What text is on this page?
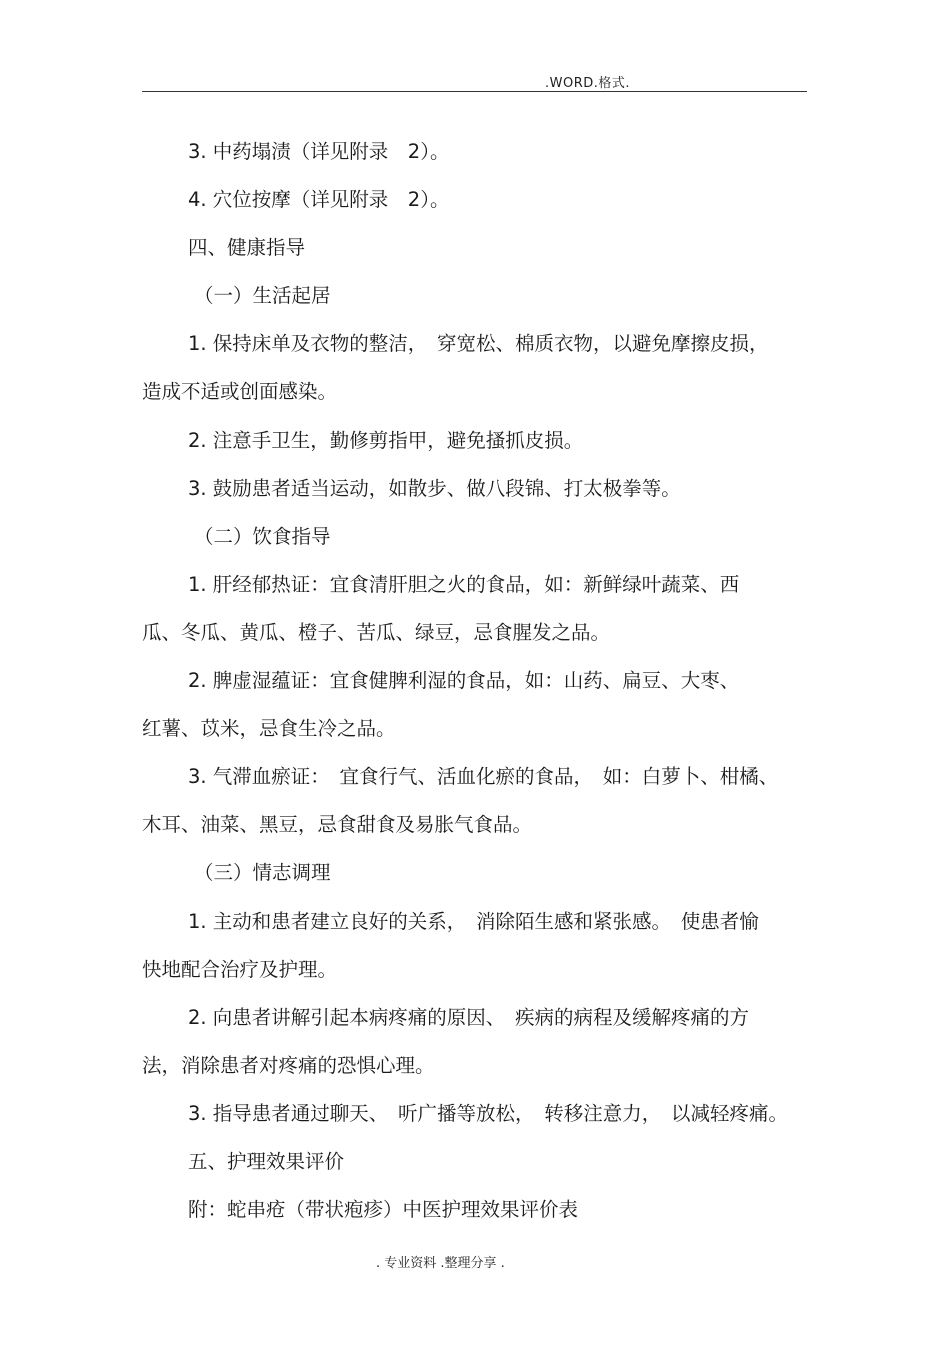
.WORD.格式.
3. 中药塌渍（详见附录　2）。
4. 穴位按摩（详见附录　2）。
四、健康指导
（一）生活起居
1. 保持床单及衣物的整洁，　穿宽松、棉质衣物，以避免摩擦皮损，
造成不适或创面感染。
2. 注意手卫生，勤修剪指甲，避免搔抓皮损。
3. 鼓励患者适当运动，如散步、做八段锦、打太极拳等。
（二）饮食指导
1. 肝经郁热证：宜食清肝胆之火的食品，如：新鲜绿叶蔬菜、西
瓜、冬瓜、黄瓜、橙子、苦瓜、绿豆，忌食腥发之品。
2. 脾虚湿蕴证：宜食健脾利湿的食品，如：山药、扁豆、大枣、
红薯、苡米，忌食生冷之品。
3. 气滞血瘀证：　宜食行气、活血化瘀的食品，　如：白萝卜、柑橘、
木耳、油菜、黑豆，忌食甜食及易胀气食品。
（三）情志调理
1. 主动和患者建立良好的关系，　消除陌生感和紧张感。　使患者愉
快地配合治疗及护理。
2. 向患者讲解引起本病疼痛的原因、　疾病的病程及缓解疼痛的方
法，消除患者对疼痛的恐惧心理。
3. 指导患者通过聊天、　听广播等放松，　转移注意力，　以减轻疼痛。
五、护理效果评价
附：蛇串疮（带状疱疹）中医护理效果评价表
. 专业资料 .整理分享 .
